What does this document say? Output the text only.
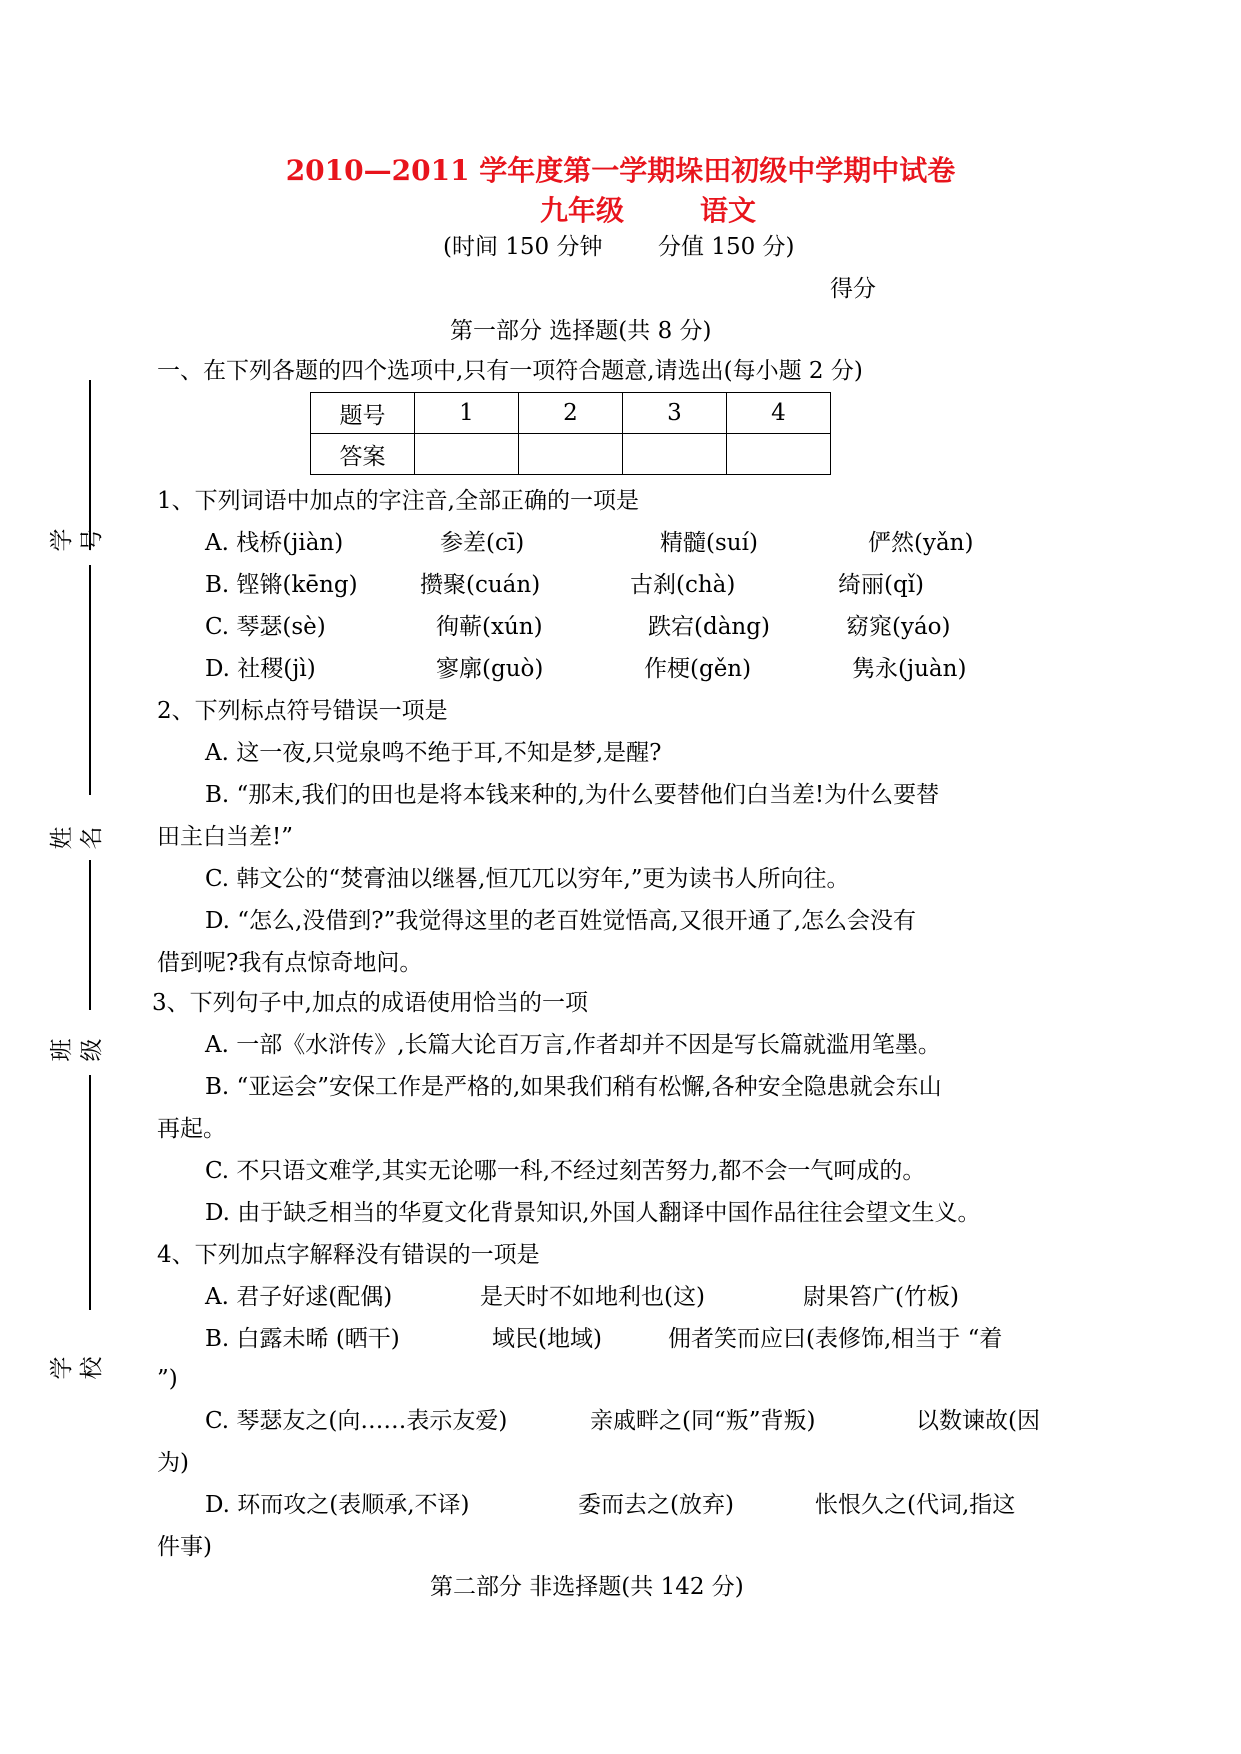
2010—2011 学年度第一学期垛田初级中学期中试卷
九年级	语文
(时间 150 分钟 分值 150 分)
得分
学号
姓名
班级
学校
第一部分 选择题(共 8 分)
一、在下列各题的四个选项中,只有一项符合题意,请选出(每小题 2 分)
题号	1	2	3	4
答案				
1、下列词语中加点的字注音,全部正确的一项是
A. 栈桥(jiàn)	参差(cī)	精髓(suí)	俨然(yǎn)
B. 铿锵(kēng)	攒聚(cuán)	古刹(chà)	绮丽(qǐ)
C. 琴瑟(sè)	徇蕲(xún)	跌宕(dàng)	窈窕(yáo)
D. 社稷(jì)	寥廓(guò)	作梗(gěn)	隽永(juàn)
2、下列标点符号错误一项是
A. 这一夜,只觉泉鸣不绝于耳,不知是梦,是醒?
B. “那末,我们的田也是将本钱来种的,为什么要替他们白当差!为什么要替
田主白当差!”
C. 韩文公的“焚膏油以继晷,恒兀兀以穷年,”更为读书人所向往。
D. “怎么,没借到?”我觉得这里的老百姓觉悟高,又很开通了,怎么会没有
借到呢?我有点惊奇地问。
3、下列句子中,加点的成语使用恰当的一项
A. 一部《水浒传》,长篇大论百万言,作者却并不因是写长篇就滥用笔墨。
B. “亚运会”安保工作是严格的,如果我们稍有松懈,各种安全隐患就会东山
再起。
C. 不只语文难学,其实无论哪一科,不经过刻苦努力,都不会一气呵成的。
D. 由于缺乏相当的华夏文化背景知识,外国人翻译中国作品往往会望文生义。
4、下列加点字解释没有错误的一项是
A. 君子好逑(配偶)	是天时不如地利也(这)	尉果笞广(竹板)
B. 白露未晞 (晒干)	域民(地域)	佣者笑而应曰(表修饰,相当于 “着
”)
C. 琴瑟友之(向……表示友爱)	亲戚畔之(同“叛”背叛)	以数谏故(因
为)
D. 环而攻之(表顺承,不译)	委而去之(放弃)	怅恨久之(代词,指这
件事)
第二部分 非选择题(共 142 分)
